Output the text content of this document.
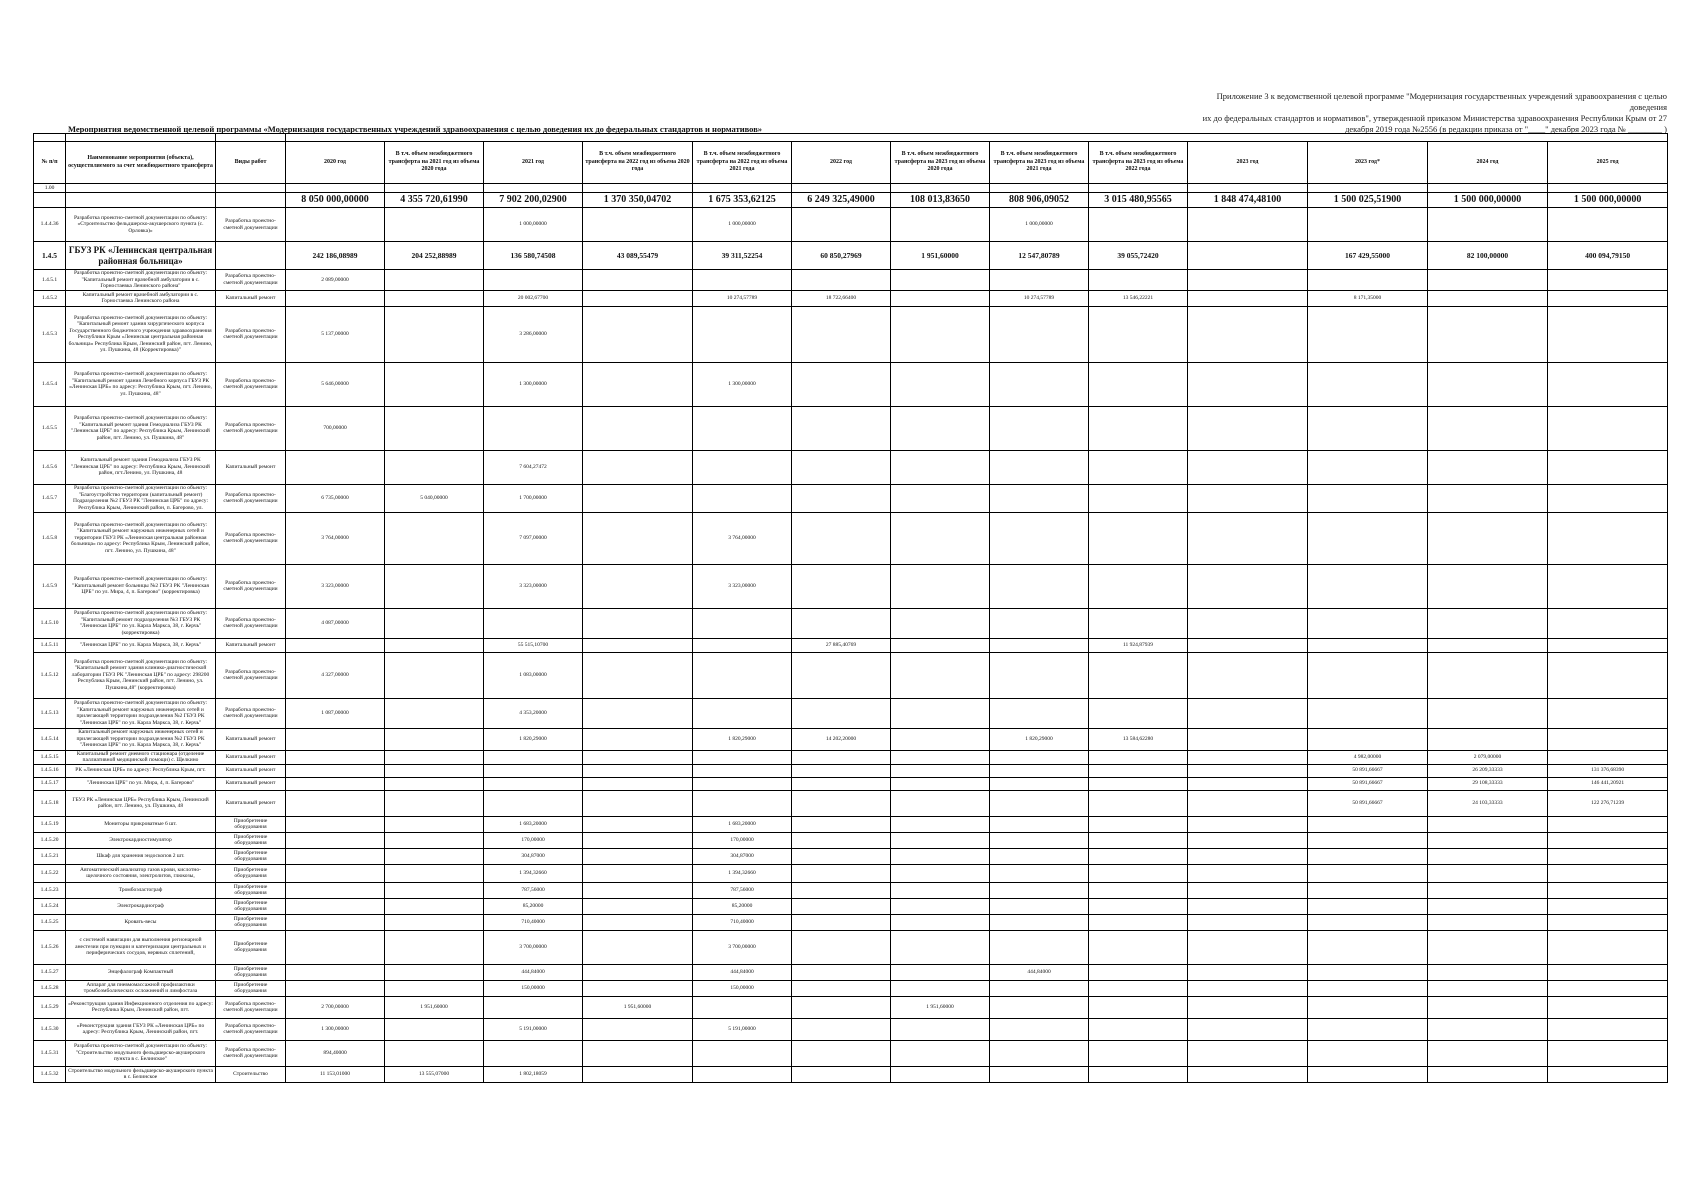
Приложение 3 к ведомственной целевой программе "Модернизация государственных учреждений здравоохранения с целью доведения
их до федеральных стандартов и нормативов", утвержденной приказом Министерства здравоохранения Республики Крым от 27
декабря 2019 года №2556 (в редакции приказа от "____" декабря 2023 года № ________ )
Мероприятия ведомственной целевой программы «Модернизация государственных учреждений здравоохранения с целью доведения их до федеральных стандартов и нормативов»

№ п/п	Наименование мероприятия (объекта), осуществляемого за счет межбюджетного трансферта	Виды работ	2020 год	В т.ч. объем межбюджетного трансферта на 2021 год из объема 2020 года	2021 год	В т.ч. объем межбюджетного трансферта на 2022 год из объема 2020 года	В т.ч. объем межбюджетного трансферта на 2022 год из объема 2021 года	2022 год	В т.ч. объем межбюджетного трансферта на 2023 год из объема 2020 года	В т.ч. объем межбюджетного трансферта на 2023 год из объема 2021 года	В т.ч. объем межбюджетного трансферта на 2023 год из объема 2022 года	2023 год	2023 год*	2024 год	2025 год	
1.00																
			8 050 000,00000	4 355 720,61990	7 902 200,02900	1 370 350,04702	1 675 353,62125	6 249 325,49000	108 013,83650	808 906,09052	3 015 480,95565	1 848 474,48100	1 500 025,51900	1 500 000,00000	1 500 000,00000	
1.4.4.36	Разработка проектно-сметной документации по объекту: «Строительство фельдшерско-акушерского пункта (с. Орловка)»	Разработка проектно-сметной документации			1 000,00000		1 000,00000			1 000,00000						
1.4.5	ГБУЗ РК «Ленинская центральная районная больница»		242 186,08989	204 252,88989	136 580,74508	43 089,55479	39 311,52254	60 850,27969	1 951,60000	12 547,80789	39 055,72420		167 429,55000	82 100,00000	400 094,79150	
1.4.5.1	Разработка проектно-сметной документации по объекту: "Капитальный ремонт врачебной амбулатории в с. Горностаевка Ленинского района"	Разработка проектно-сметной документации	2 089,00000													
1.4.5.2	Капитальный ремонт врачебной амбулатории в с. Горностаевка Ленинского района	Капитальный ремонт			20 002,67700		10 274,57789	18 722,66400		10 274,57789	13 546,22221		8 171,35000			
1.4.5.3	Разработка проектно-сметной документации по объекту: "Капитальный ремонт здания хирургического корпуса Государственного бюджетного учреждения здравоохранения Республики Крым «Ленинская центральная районная больница» Республика Крым, Ленинский район, пгт. Ленино, ул. Пушкина, 48 (Корректировка)"	Разработка проектно-сметной документации	5 137,00000		3 286,00000											
1.4.5.4	Разработка проектно-сметной документации по объекту: "Капитальный ремонт здания Лечебного корпуса ГБУЗ РК «Ленинская ЦРБ» по адресу: Республика Крым, пгт. Ленино, ул. Пушкина, 48"	Разработка проектно-сметной документации	5 646,00000		1 300,00000		1 300,00000									
1.4.5.5	Разработка проектно-сметной документации по объекту: "Капитальный ремонт здания Гемодиализа ГБУЗ РК "Ленинская ЦРБ" по адресу: Республика Крым, Ленинский район, пгт. Ленино, ул. Пушкина, 48"	Разработка проектно-сметной документации	700,00000													
1.4.5.6	Капитальный ремонт здания Гемодиализа ГБУЗ РК "Ленинская ЦРБ" по адресу: Республика Крым, Ленинский район, пгт.Ленино, ул. Пушкина, 48	Капитальный ремонт			7 604,27472											
1.4.5.7	Разработка проектно-сметной документации по объекту: "Благоустройство территории (капитальный ремонт) Подразделения №2 ГБУЗ РК "Ленинская ЦРБ" по адресу: Республика Крым, Ленинский район, п. Багерово, ул.	Разработка проектно-сметной документации	6 735,00000	5 040,00000	1 700,00000											
1.4.5.8	Разработка проектно-сметной документации по объекту: "Капитальный ремонт наружных инженерных сетей и территории ГБУЗ РК «Ленинская центральная районная больница» по адресу: Республика Крым, Ленинский район, пгт. Ленино, ул. Пушкина, 48"	Разработка проектно-сметной документации	3 764,00000		7 097,00000		3 764,00000									
1.4.5.9	Разработка проектно-сметной документации по объекту: "Капитальный ремонт больницы №2 ГБУЗ РК "Ленинская ЦРБ" по ул. Мира, 4, п. Багерово" (корректировка)	Разработка проектно-сметной документации	3 323,00000		3 323,00000		3 323,00000									
1.4.5.10	Разработка проектно-сметной документации по объекту: "Капитальный ремонт подразделения №3 ГБУЗ РК "Ленинская ЦРБ" по ул. Карла Маркса, 38, г. Керчь" (корректировка)	Разработка проектно-сметной документации	4 087,00000													
1.4.5.11	"Ленинская ЦРБ" по ул. Карла Маркса, 38, г. Керчь"	Капитальный ремонт			55 515,10700			27 885,40769			11 924,87939					
1.4.5.12	Разработка проектно-сметной документации по объекту: "Капитальный ремонт здания клинико-диагностической лаборатории ГБУЗ РК "Ленинская ЦРБ" по адресу: 298200 Республика Крым, Ленинский район, пгт. Ленино, ул. Пушкина,48" (корректировка)	Разработка проектно-сметной документации	4 327,00000		1 083,00000											
1.4.5.13	Разработка проектно-сметной документации по объекту: "Капитальный ремонт наружных инженерных сетей и прилегающей территории подразделения №2 ГБУЗ РК "Ленинская ЦРБ" по ул. Карла Маркса, 38, г. Керчь"	Разработка проектно-сметной документации	1 087,00000		4 353,20000											
1.4.5.14	Капитальный ремонт наружных инженерных сетей и прилегающей территории подразделения №2 ГБУЗ РК "Ленинская ЦРБ" по ул. Карла Маркса, 38, г. Керчь"	Капитальный ремонт			1 820,29000		1 820,29000	14 202,20000		1 820,29000	13 584,62280					
1.4.5.15	Капитальный ремонт дневного стационара (отделение паллиативной медицинской помощи) с. Щелкино	Капитальный ремонт											4 982,00000	2 079,00000		
1.4.5.16	РК «Ленинская ЦРБ» по адресу: Республика Крым, пгт.	Капитальный ремонт											50 891,66667	26 209,33333	131 376,68390	
1.4.5.17	"Ленинская ЦРБ" по ул. Мира, 4, п. Багерово"	Капитальный ремонт											50 891,66667	29 108,33333	146 441,20921	
1.4.5.18	ГБУЗ РК «Ленинская ЦРБ» Республика Крым, Ленинский район, пгт. Ленино, ул. Пушкина, 48	Капитальный ремонт											50 891,66667	24 103,33333	122 276,71239	
1.4.5.19	Мониторы прикроватные 6 шт.	Приобретение оборудования			1 683,20000		1 683,20000									
1.4.5.20	Электрокардиостимулятор	Приобретение оборудования			170,00000		170,00000									
1.4.5.21	Шкаф для хранения эндоскопов 2 шт.	Приобретение оборудования			304,87000		304,87000									
1.4.5.22	Автоматический анализатор газов крови, кислотно-щелочного состояния, электролитов, глюкозы,	Приобретение оборудования			1 394,32660		1 394,32660									
1.4.5.23	Тромбоэластограф	Приобретение оборудования			787,56000		787,56000									
1.4.5.24	Электрокардиограф	Приобретение оборудования			85,20000		85,20000									
1.4.5.25	Кровать-весы	Приобретение оборудования			710,40000		710,40000									
1.4.5.26	с системой навигации для выполнения регионарной анестезии при пункции и катетеризации центральных и периферических сосудов, нервных сплетений,	Приобретение оборудования			3 700,00000		3 700,00000									
1.4.5.27	Энцефалограф Компактный	Приобретение оборудования			444,84000		444,84000			444,84000						
1.4.5.28	Аппарат для пневмомассажной профилактики тромбоэмболических осложнений и лимфостаза	Приобретение оборудования			150,00000		150,00000									
1.4.5.29	«Реконструкция здания Инфекционного отделения по адресу: Республика Крым, Ленинский район, пгт.	Разработка проектно-сметной документации	2 700,00000	1 951,60000		1 951,60000			1 951,60000							
1.4.5.30	«Реконструкция здания ГБУЗ РК «Ленинская ЦРБ» по адресу: Республика Крым, Ленинский район, пгт.	Разработка проектно-сметной документации	1 300,00000		5 191,00000		5 191,00000									
1.4.5.31	Разработка проектно-сметной документации по объекту: "Строительство модульного фельдшерско-акушерского пункта в с. Белинское"	Разработка проектно-сметной документации	894,40000													
1.4.5.32	Строительство модульного фельдшерско-акушерского пункта в с. Белинское	Строительство	11 153,01000	13 555,07000	1 802,18059											
